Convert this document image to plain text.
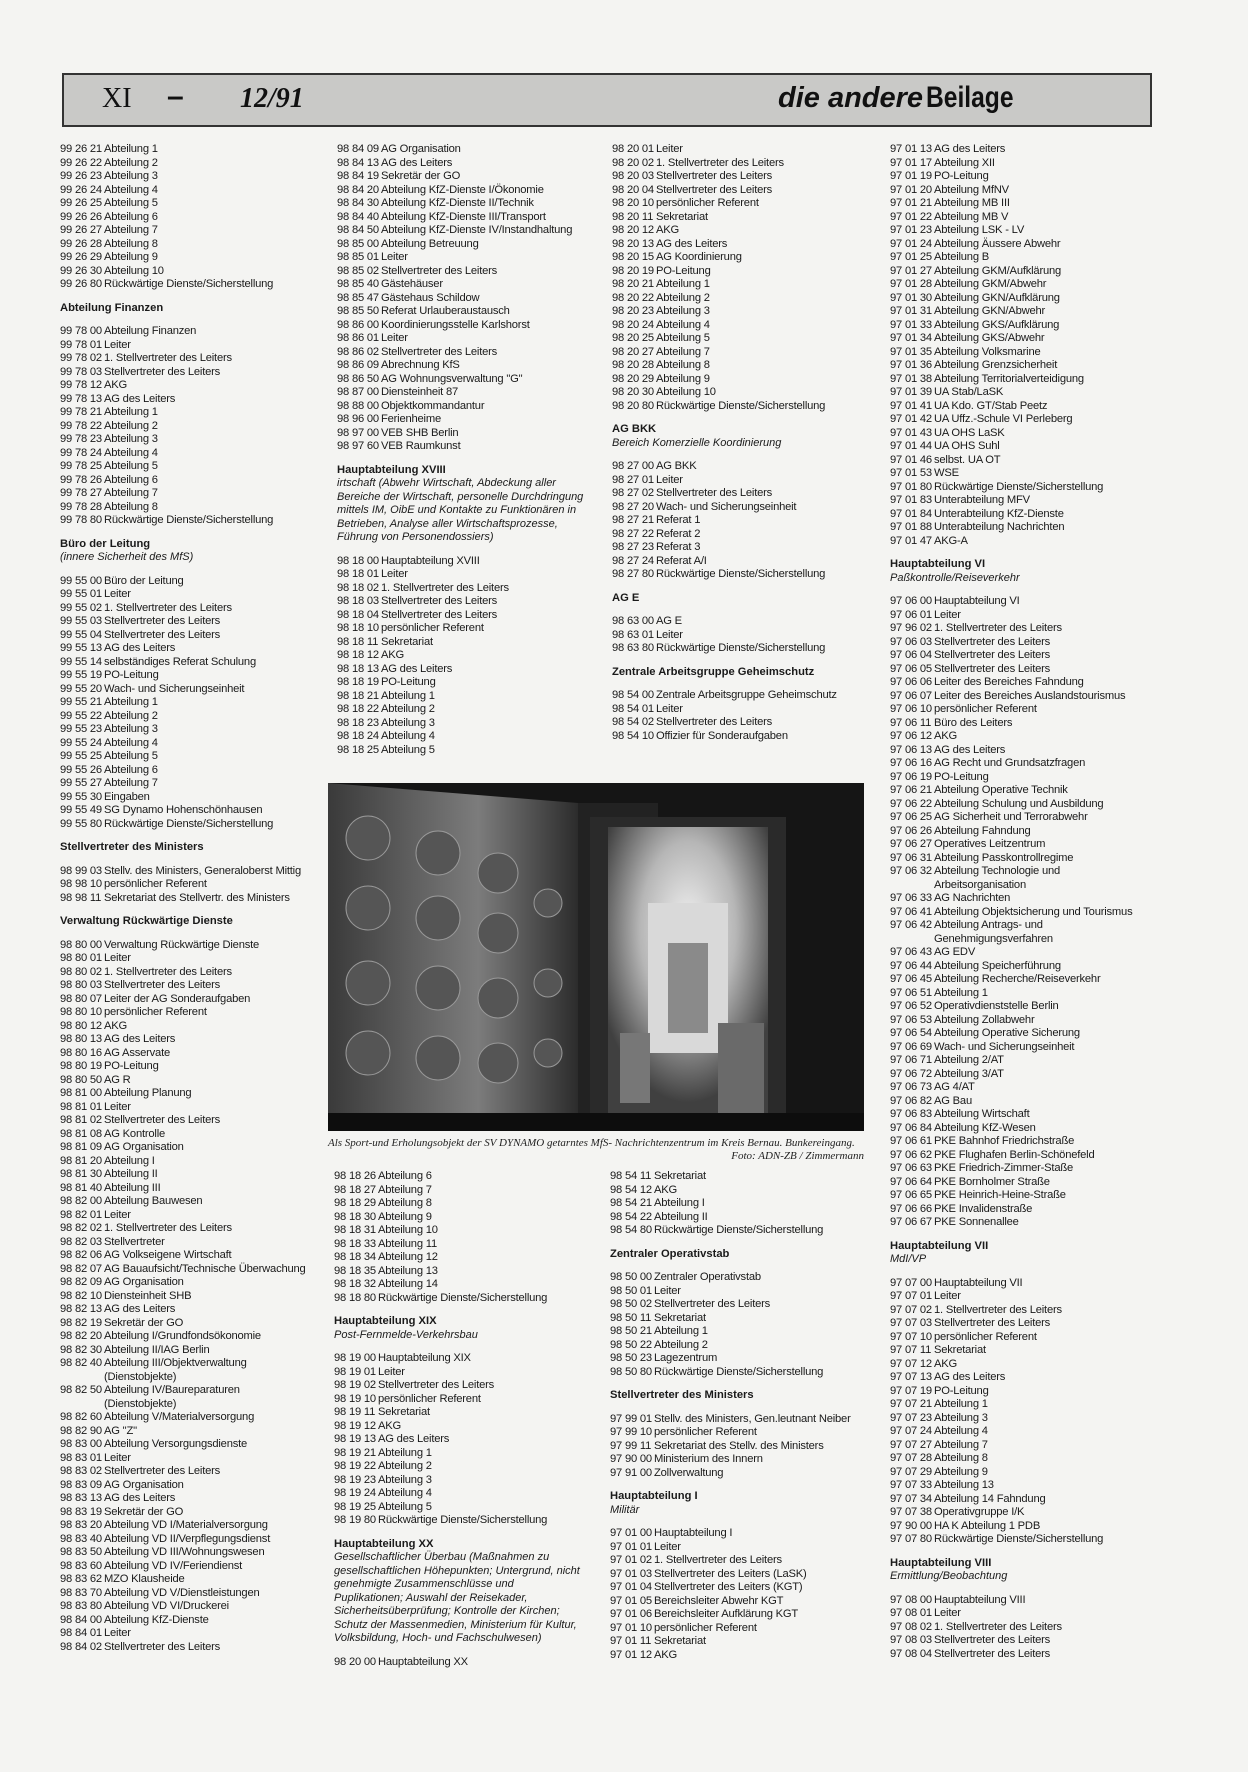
XI – 12/91	die andere Beilage
99 26 21 Abteilung 1
99 26 22 Abteilung 2
99 26 23 Abteilung 3
99 26 24 Abteilung 4
99 26 25 Abteilung 5
99 26 26 Abteilung 6
99 26 27 Abteilung 7
99 26 28 Abteilung 8
99 26 29 Abteilung 9
99 26 30 Abteilung 10
99 26 80 Rückwärtige Dienste/Sicherstellung
Abteilung Finanzen
99 78 00 Abteilung Finanzen
99 78 01 Leiter
99 78 02 1. Stellvertreter des Leiters
99 78 03 Stellvertreter des Leiters
99 78 12 AKG
99 78 13 AG des Leiters
99 78 21 Abteilung 1
99 78 22 Abteilung 2
99 78 23 Abteilung 3
99 78 24 Abteilung 4
99 78 25 Abteilung 5
99 78 26 Abteilung 6
99 78 27 Abteilung 7
99 78 28 Abteilung 8
99 78 80 Rückwärtige Dienste/Sicherstellung
Büro der Leitung
(innere Sicherheit des MfS)
99 55 00 Büro der Leitung
99 55 01 Leiter
99 55 02 1. Stellvertreter des Leiters
99 55 03 Stellvertreter des Leiters
99 55 04 Stellvertreter des Leiters
99 55 13 AG des Leiters
99 55 14 selbständiges Referat Schulung
99 55 19 PO-Leitung
99 55 20 Wach- und Sicherungseinheit
99 55 21 Abteilung 1
99 55 22 Abteilung 2
99 55 23 Abteilung 3
99 55 24 Abteilung 4
99 55 25 Abteilung 5
99 55 26 Abteilung 6
99 55 27 Abteilung 7
99 55 30 Eingaben
99 55 49 SG Dynamo Hohenschönhausen
99 55 80 Rückwärtige Dienste/Sicherstellung
Stellvertreter des Ministers
98 99 03 Stellv. des Ministers, Generaloberst Mittig
98 98 10 persönlicher Referent
98 98 11 Sekretariat des Stellvertr. des Ministers
Verwaltung Rückwärtige Dienste
98 80 00 Verwaltung Rückwärtige Dienste
98 80 01 Leiter
98 80 02 1. Stellvertreter des Leiters
98 80 03 Stellvertreter des Leiters
98 80 07 Leiter der AG Sonderaufgaben
98 80 10 persönlicher Referent
98 80 12 AKG
98 80 13 AG des Leiters
98 80 16 AG Asservate
98 80 19 PO-Leitung
98 80 50 AG R
98 81 00 Abteilung Planung
98 81 01 Leiter
98 81 02 Stellvertreter des Leiters
98 81 08 AG Kontrolle
98 81 09 AG Organisation
98 81 20 Abteilung I
98 81 30 Abteilung II
98 81 40 Abteilung III
98 82 00 Abteilung Bauwesen
98 82 01 Leiter
98 82 02 1. Stellvertreter des Leiters
98 82 03 Stellvertreter
98 82 06 AG Volkseigene Wirtschaft
98 82 07 AG Bauaufsicht/Technische Überwachung
98 82 09 AG Organisation
98 82 10 Diensteinheit SHB
98 82 13 AG des Leiters
98 82 19 Sekretär der GO
98 82 20 Abteilung I/Grundfondsökonomie
98 82 30 Abteilung II/IAG Berlin
98 82 40 Abteilung III/Objektverwaltung
(Dienstobjekte)
98 82 50 Abteilung IV/Baureparaturen
(Dienstobjekte)
98 82 60 Abteilung V/Materialversorgung
98 82 90 AG "Z"
98 83 00 Abteilung Versorgungsdienste
98 83 01 Leiter
98 83 02 Stellvertreter des Leiters
98 83 09 AG Organisation
98 83 13 AG des Leiters
98 83 19 Sekretär der GO
98 83 20 Abteilung VD I/Materialversorgung
98 83 40 Abteilung VD II/Verpflegungsdienst
98 83 50 Abteilung VD III/Wohnungswesen
98 83 60 Abteilung VD IV/Feriendienst
98 83 62 MZO Klausheide
98 83 70 Abteilung VD V/Dienstleistungen
98 83 80 Abteilung VD VI/Druckerei
98 84 00 Abteilung KfZ-Dienste
98 84 01 Leiter
98 84 02 Stellvertreter des Leiters
98 84 09 AG Organisation
98 84 13 AG des Leiters
98 84 19 Sekretär der GO
98 84 20 Abteilung KfZ-Dienste I/Ökonomie
98 84 30 Abteilung KfZ-Dienste II/Technik
98 84 40 Abteilung KfZ-Dienste III/Transport
98 84 50 Abteilung KfZ-Dienste IV/Instandhaltung
98 85 00 Abteilung Betreuung
98 85 01 Leiter
98 85 02 Stellvertreter des Leiters
98 85 40 Gästehäuser
98 85 47 Gästehaus Schildow
98 85 50 Referat Urlauberaustausch
98 86 00 Koordinierungsstelle Karlshorst
98 86 01 Leiter
98 86 02 Stellvertreter des Leiters
98 86 09 Abrechnung KfS
98 86 50 AG Wohnungsverwaltung "G"
98 87 00 Diensteinheit 87
98 88 00 Objektkommandantur
98 96 00 Ferienheime
98 97 00 VEB SHB Berlin
98 97 60 VEB Raumkunst
Hauptabteilung XVIII
irtschaft (Abwehr Wirtschaft, Abdeckung aller Bereiche der Wirtschaft, personelle Durchdringung mittels IM, OibE und Kontakte zu Funktionären in Betrieben, Analyse aller Wirtschaftsprozesse, Führung von Personendossiers)
98 18 00 Hauptabteilung XVIII
98 18 01 Leiter
98 18 02 1. Stellvertreter des Leiters
98 18 03 Stellvertreter des Leiters
98 18 04 Stellvertreter des Leiters
98 18 10 persönlicher Referent
98 18 11 Sekretariat
98 18 12 AKG
98 18 13 AG des Leiters
98 18 19 PO-Leitung
98 18 21 Abteilung 1
98 18 22 Abteilung 2
98 18 23 Abteilung 3
98 18 24 Abteilung 4
98 18 25 Abteilung 5
98 20 01 Leiter
98 20 02 1. Stellvertreter des Leiters
98 20 03 Stellvertreter des Leiters
98 20 04 Stellvertreter des Leiters
98 20 10 persönlicher Referent
98 20 11 Sekretariat
98 20 12 AKG
98 20 13 AG des Leiters
98 20 15 AG Koordinierung
98 20 19 PO-Leitung
98 20 21 Abteilung 1
98 20 22 Abteilung 2
98 20 23 Abteilung 3
98 20 24 Abteilung 4
98 20 25 Abteilung 5
98 20 27 Abteilung 7
98 20 28 Abteilung 8
98 20 29 Abteilung 9
98 20 30 Abteilung 10
98 20 80 Rückwärtige Dienste/Sicherstellung
AG BKK
Bereich Komerzielle Koordinierung
98 27 00 AG BKK
98 27 01 Leiter
98 27 02 Stellvertreter des Leiters
98 27 20 Wach- und Sicherungseinheit
98 27 21 Referat 1
98 27 22 Referat 2
98 27 23 Referat 3
98 27 24 Referat A/I
98 27 80 Rückwärtige Dienste/Sicherstellung
AG E
98 63 00 AG E
98 63 01 Leiter
98 63 80 Rückwärtige Dienste/Sicherstellung
Zentrale Arbeitsgruppe Geheimschutz
98 54 00 Zentrale Arbeitsgruppe Geheimschutz
98 54 01 Leiter
98 54 02 Stellvertreter des Leiters
98 54 10 Offizier für Sonderaufgaben
97 01 13 AG des Leiters
97 01 17 Abteilung XII
97 01 19 PO-Leitung
97 01 20 Abteilung MfNV
97 01 21 Abteilung MB III
97 01 22 Abteilung MB V
97 01 23 Abteilung LSK - LV
97 01 24 Abteilung Äussere Abwehr
97 01 25 Abteilung B
97 01 27 Abteilung GKM/Aufklärung
97 01 28 Abteilung GKM/Abwehr
97 01 30 Abteilung GKN/Aufklärung
97 01 31 Abteilung GKN/Abwehr
97 01 33 Abteilung GKS/Aufklärung
97 01 34 Abteilung GKS/Abwehr
97 01 35 Abteilung Volksmarine
97 01 36 Abteilung Grenzsicherheit
97 01 38 Abteilung Territorialverteidigung
97 01 39 UA Stab/LaSK
97 01 41 UA Kdo. GT/Stab Peetz
97 01 42 UA Uffz.-Schule VI Perleberg
97 01 43 UA OHS LaSK
97 01 44 UA OHS Suhl
97 01 46 selbst. UA OT
97 01 53 WSE
97 01 80 Rückwärtige Dienste/Sicherstellung
97 01 83 Unterabteilung MFV
97 01 84 Unterabteilung KfZ-Dienste
97 01 88 Unterabteilung Nachrichten
97 01 47 AKG-A
Hauptabteilung VI
Paßkontrolle/Reiseverkehr
97 06 00 Hauptabteilung VI
97 06 01 Leiter
97 96 02 1. Stellvertreter des Leiters
97 06 03 Stellvertreter des Leiters
97 06 04 Stellvertreter des Leiters
97 06 05 Stellvertreter des Leiters
97 06 06 Leiter des Bereiches Fahndung
97 06 07 Leiter des Bereiches Auslandstourismus
97 06 10 persönlicher Referent
97 06 11 Büro des Leiters
97 06 12 AKG
97 06 13 AG des Leiters
97 06 16 AG Recht und Grundsatzfragen
97 06 19 PO-Leitung
97 06 21 Abteilung Operative Technik
97 06 22 Abteilung Schulung und Ausbildung
97 06 25 AG Sicherheit und Terrorabwehr
97 06 26 Abteilung Fahndung
97 06 27 Operatives Leitzentrum
97 06 31 Abteilung Passkontrollregime
97 06 32 Abteilung Technologie und
Arbeitsorganisation
97 06 33 AG Nachrichten
97 06 41 Abteilung Objektsicherung und Tourismus
97 06 42 Abteilung Antrags- und
Genehmigungsverfahren
97 06 43 AG EDV
97 06 44 Abteilung Speicherführung
97 06 45 Abteilung Recherche/Reiseverkehr
97 06 51 Abteilung 1
97 06 52 Operativdienststelle Berlin
97 06 53 Abteilung Zollabwehr
97 06 54 Abteilung Operative Sicherung
97 06 69 Wach- und Sicherungseinheit
97 06 71 Abteilung 2/AT
97 06 72 Abteilung 3/AT
97 06 73 AG 4/AT
97 06 82 AG Bau
97 06 83 Abteilung Wirtschaft
97 06 84 Abteilung KfZ-Wesen
97 06 61 PKE Bahnhof Friedrichstraße
97 06 62 PKE Flughafen Berlin-Schönefeld
97 06 63 PKE Friedrich-Zimmer-Staße
97 06 64 PKE Bornholmer Straße
97 06 65 PKE Heinrich-Heine-Straße
97 06 66 PKE Invalidenstraße
97 06 67 PKE Sonnenallee
Hauptabteilung VII
MdI/VP
97 07 00 Hauptabteilung VII
97 07 01 Leiter
97 07 02 1. Stellvertreter des Leiters
97 07 03 Stellvertreter des Leiters
97 07 10 persönlicher Referent
97 07 11 Sekretariat
97 07 12 AKG
97 07 13 AG des Leiters
97 07 19 PO-Leitung
97 07 21 Abteilung 1
97 07 23 Abteilung 3
97 07 24 Abteilung 4
97 07 27 Abteilung 7
97 07 28 Abteilung 8
97 07 29 Abteilung 9
97 07 33 Abteilung 13
97 07 34 Abteilung 14 Fahndung
97 07 38 Operativgruppe I/K
97 90 00 HA K Abteilung 1 PDB
97 07 80 Rückwärtige Dienste/Sicherstellung
Hauptabteilung VIII
Ermittlung/Beobachtung
97 08 00 Hauptabteilung VIII
97 08 01 Leiter
97 08 02 1. Stellvertreter des Leiters
97 08 03 Stellvertreter des Leiters
97 08 04 Stellvertreter des Leiters
98 18 26 Abteilung 6
98 18 27 Abteilung 7
98 18 29 Abteilung 8
98 18 30 Abteilung 9
98 18 31 Abteilung 10
98 18 33 Abteilung 11
98 18 34 Abteilung 12
98 18 35 Abteilung 13
98 18 32 Abteilung 14
98 18 80 Rückwärtige Dienste/Sicherstellung
Hauptabteilung XIX
Post-Fernmelde-Verkehrsbau
98 19 00 Hauptabteilung XIX
98 19 01 Leiter
98 19 02 Stellvertreter des Leiters
98 19 10 persönlicher Referent
98 19 11 Sekretariat
98 19 12 AKG
98 19 13 AG des Leiters
98 19 21 Abteilung 1
98 19 22 Abteilung 2
98 19 23 Abteilung 3
98 19 24 Abteilung 4
98 19 25 Abteilung 5
98 19 80 Rückwärtige Dienste/Sicherstellung
Hauptabteilung XX
Gesellschaftlicher Überbau (Maßnahmen zu gesellschaftlichen Höhepunkten; Untergrund, nicht genehmigte Zusammenschlüsse und Puplikationen; Auswahl der Reisekader, Sicherheitsüberprüfung; Kontrolle der Kirchen; Schutz der Massenmedien, Ministerium für Kultur, Volksbildung, Hoch- und Fachschulwesen)
98 20 00 Hauptabteilung XX
98 54 11 Sekretariat
98 54 12 AKG
98 54 21 Abteilung I
98 54 22 Abteilung II
98 54 80 Rückwärtige Dienste/Sicherstellung
Zentraler Operativstab
98 50 00 Zentraler Operativstab
98 50 01 Leiter
98 50 02 Stellvertreter des Leiters
98 50 11 Sekretariat
98 50 21 Abteilung 1
98 50 22 Abteilung 2
98 50 23 Lagezentrum
98 50 80 Rückwärtige Dienste/Sicherstellung
Stellvertreter des Ministers
97 99 01 Stellv. des Ministers, Gen.leutnant Neiber
97 99 10 persönlicher Referent
97 99 11 Sekretariat des Stellv. des Ministers
97 90 00 Ministerium des Innern
97 91 00 Zollverwaltung
Hauptabteilung I
Militär
97 01 00 Hauptabteilung I
97 01 01 Leiter
97 01 02 1. Stellvertreter des Leiters
97 01 03 Stellvertreter des Leiters (LaSK)
97 01 04 Stellvertreter des Leiters (KGT)
97 01 05 Bereichsleiter Abwehr KGT
97 01 06 Bereichsleiter Aufklärung KGT
97 01 10 persönlicher Referent
97 01 11 Sekretariat
97 01 12 AKG
Als Sport-und Erholungsobjekt der SV DYNAMO getarntes MfS- Nachrichtenzentrum im Kreis Bernau. Bunkereingang.
Foto: ADN-ZB / Zimmermann
